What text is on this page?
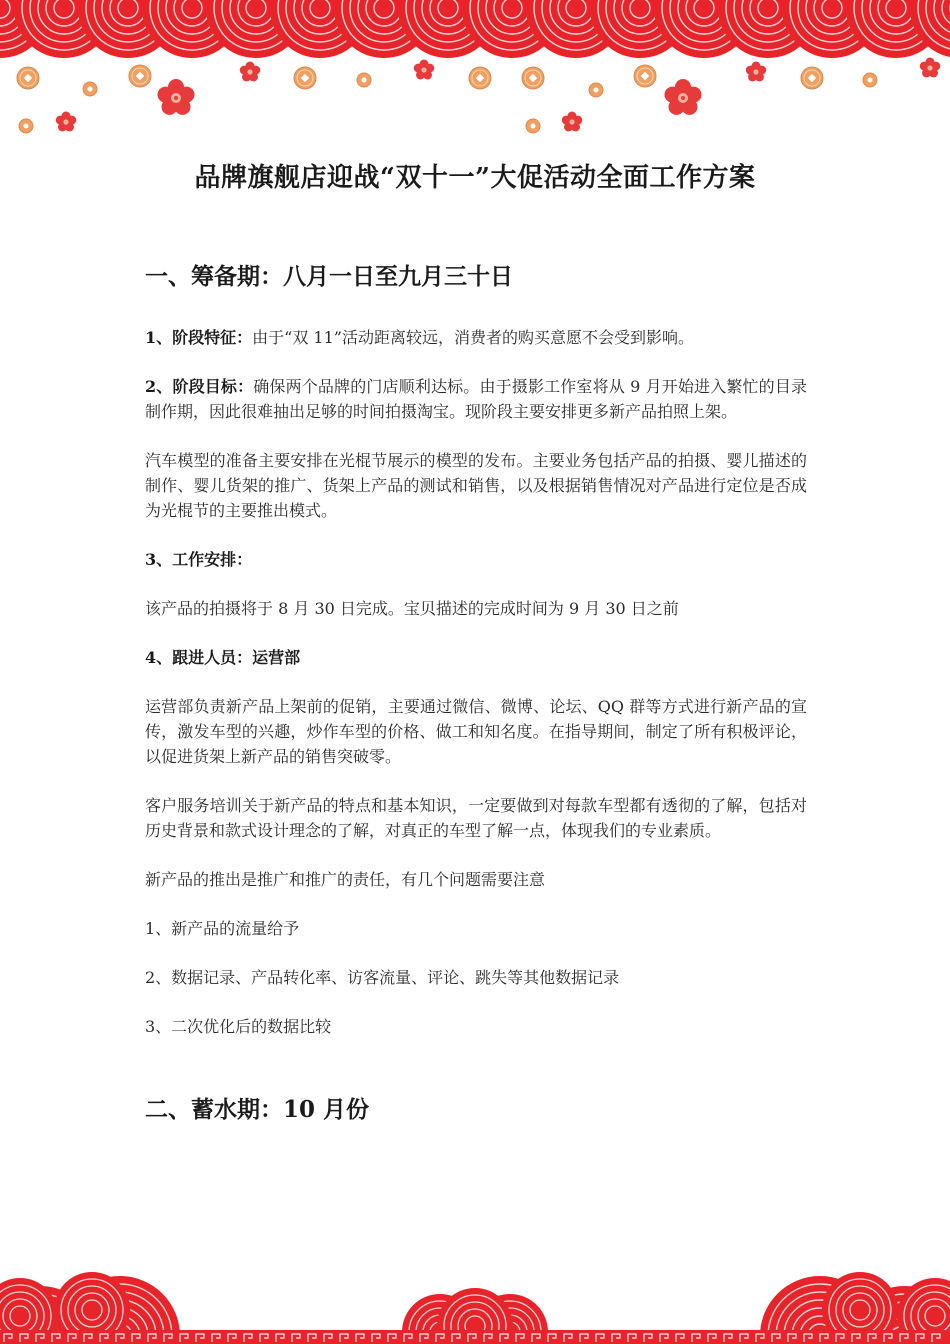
品牌旗舰店迎战“双十一”大促活动全面工作方案
一、筹备期：八月一日至九月三十日
1、阶段特征：由于“双 11”活动距离较远，消费者的购买意愿不会受到影响。
2、阶段目标：确保两个品牌的门店顺利达标。由于摄影工作室将从 9 月开始进入繁忙的目录制作期，因此很难抽出足够的时间拍摄淘宝。现阶段主要安排更多新产品拍照上架。
汽车模型的准备主要安排在光棍节展示的模型的发布。主要业务包括产品的拍摄、婴儿描述的制作、婴儿货架的推广、货架上产品的测试和销售，以及根据销售情况对产品进行定位是否成为光棍节的主要推出模式。
3、工作安排：
该产品的拍摄将于 8 月 30 日完成。宝贝描述的完成时间为 9 月 30 日之前
4、跟进人员：运营部
运营部负责新产品上架前的促销，主要通过微信、微博、论坛、QQ 群等方式进行新产品的宣传，激发车型的兴趣，炒作车型的价格、做工和知名度。在指导期间，制定了所有积极评论，以促进货架上新产品的销售突破零。
客户服务培训关于新产品的特点和基本知识，一定要做到对每款车型都有透彻的了解，包括对历史背景和款式设计理念的了解，对真正的车型了解一点，体现我们的专业素质。
新产品的推出是推广和推广的责任，有几个问题需要注意
1、新产品的流量给予
2、数据记录、产品转化率、访客流量、评论、跳失等其他数据记录
3、二次优化后的数据比较
二、蓄水期：10 月份
